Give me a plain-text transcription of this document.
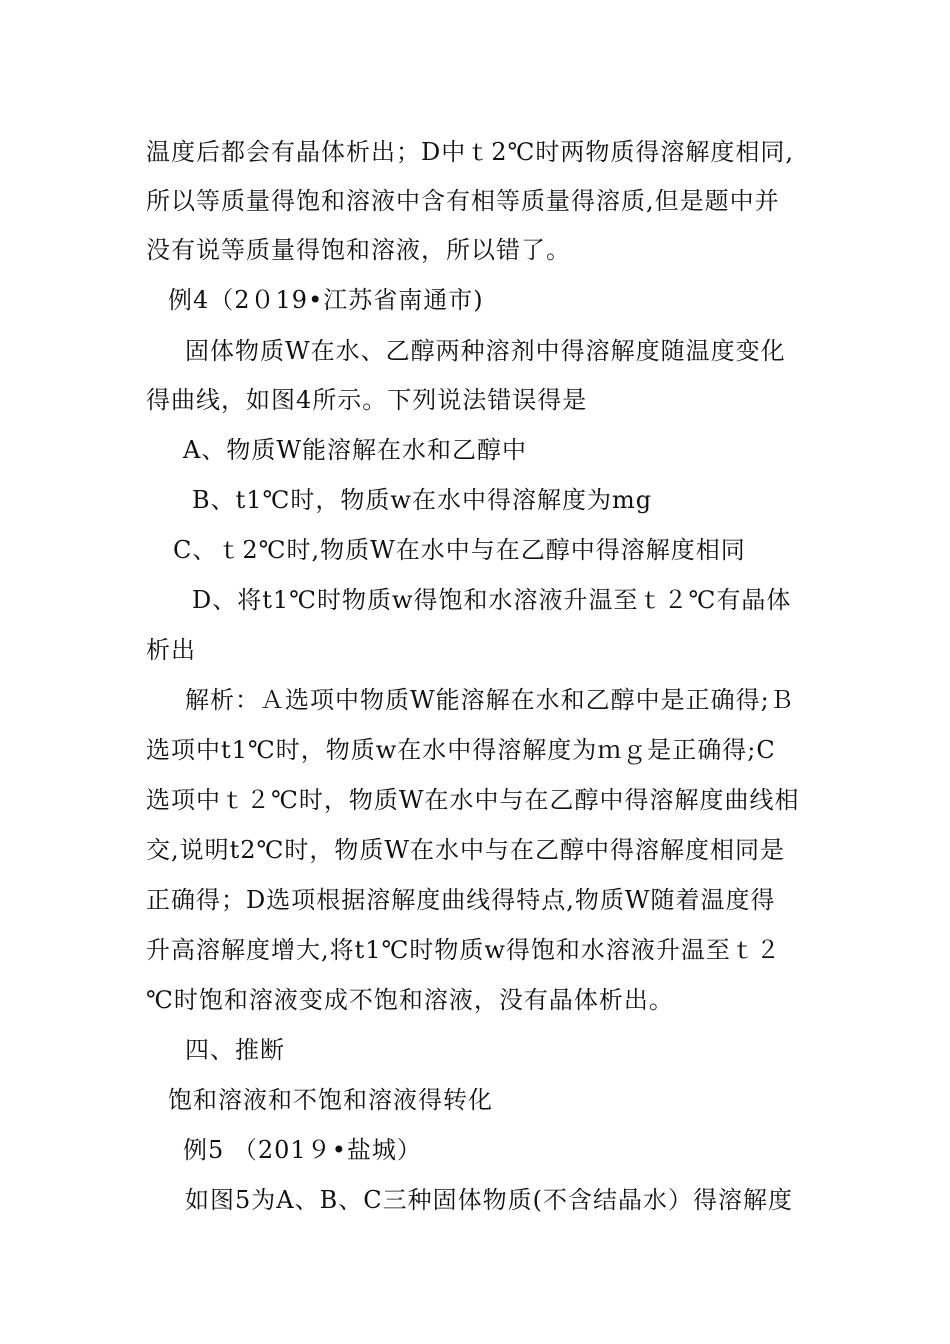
温度后都会有晶体析出；D中ｔ2℃时两物质得溶解度相同,
所以等质量得饱和溶液中含有相等质量得溶质,但是题中并
没有说等质量得饱和溶液，所以错了。
例4（2０19•江苏省南通市)
固体物质W在水、乙醇两种溶剂中得溶解度随温度变化
得曲线，如图4所示。下列说法错误得是
A、物质W能溶解在水和乙醇中
B、t1℃时，物质w在水中得溶解度为mg
C、ｔ2℃时,物质W在水中与在乙醇中得溶解度相同
D、将t1℃时物质w得饱和水溶液升温至ｔ２℃有晶体
析出
解析：Ａ选项中物质W能溶解在水和乙醇中是正确得;Ｂ
选项中t1℃时，物质w在水中得溶解度为ｍｇ是正确得;C
选项中ｔ２℃时，物质W在水中与在乙醇中得溶解度曲线相
交,说明t2℃时，物质W在水中与在乙醇中得溶解度相同是
正确得；D选项根据溶解度曲线得特点,物质W随着温度得
升高溶解度增大,将t1℃时物质w得饱和水溶液升温至ｔ２
℃时饱和溶液变成不饱和溶液，没有晶体析出。
四、推断
饱和溶液和不饱和溶液得转化
例5 （201９•盐城）
如图5为A、B、C三种固体物质(不含结晶水）得溶解度
